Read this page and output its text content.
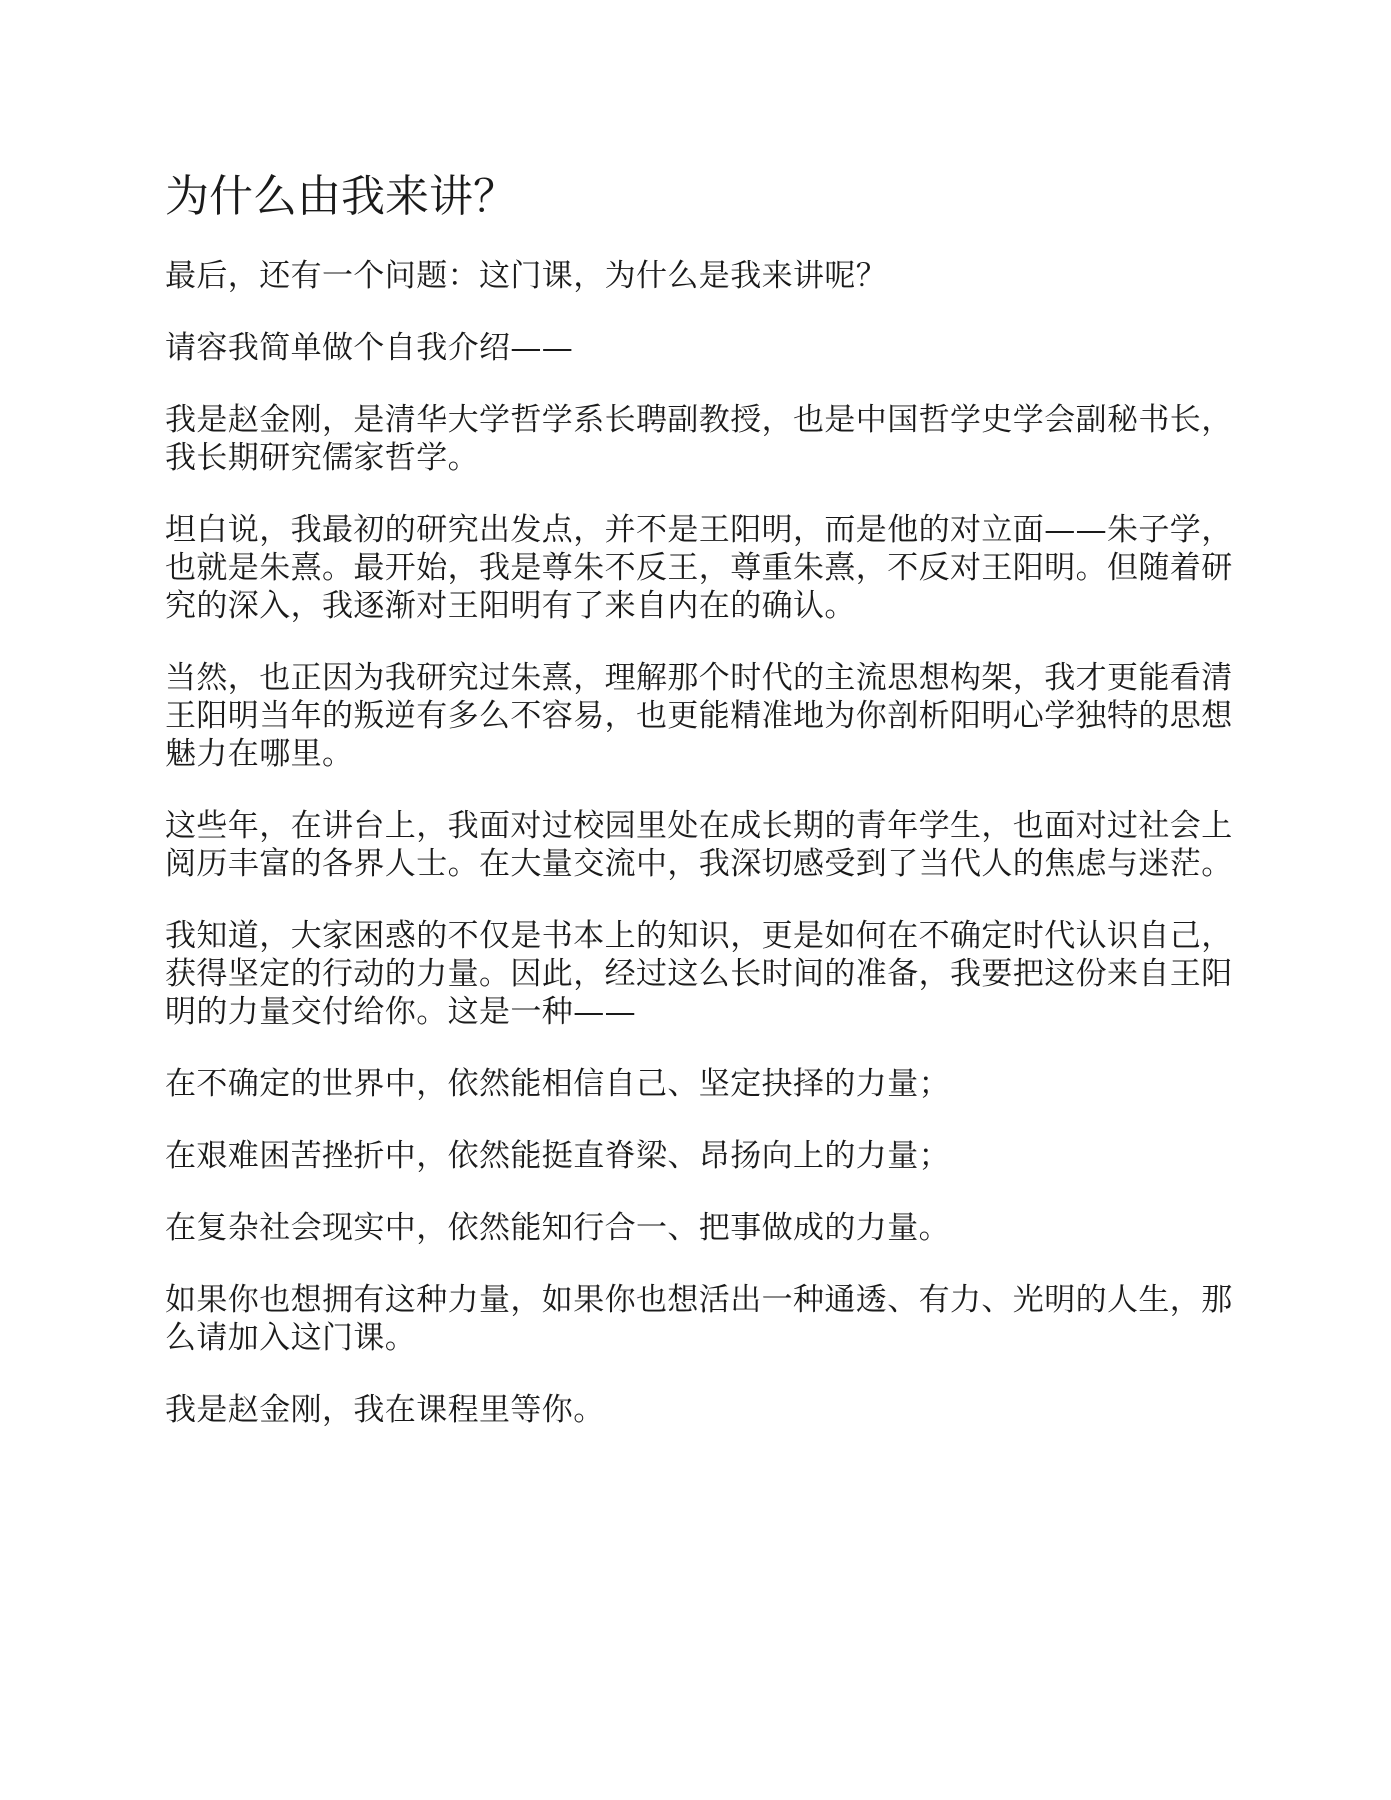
为什么由我来讲？

最后，还有一个问题：这门课，为什么是我来讲呢？

请容我简单做个自我介绍——

我是赵金刚，是清华大学哲学系长聘副教授，也是中国哲学史学会副秘书长，我长期研究儒家哲学。

坦白说，我最初的研究出发点，并不是王阳明，而是他的对立面——朱子学，也就是朱熹。最开始，我是尊朱不反王，尊重朱熹，不反对王阳明。但随着研究的深入，我逐渐对王阳明有了来自内在的确认。

当然，也正因为我研究过朱熹，理解那个时代的主流思想构架，我才更能看清王阳明当年的叛逆有多么不容易，也更能精准地为你剖析阳明心学独特的思想魅力在哪里。

这些年，在讲台上，我面对过校园里处在成长期的青年学生，也面对过社会上阅历丰富的各界人士。在大量交流中，我深切感受到了当代人的焦虑与迷茫。

我知道，大家困惑的不仅是书本上的知识，更是如何在不确定时代认识自己，获得坚定的行动的力量。因此，经过这么长时间的准备，我要把这份来自王阳明的力量交付给你。这是一种——

在不确定的世界中，依然能相信自己、坚定抉择的力量；

在艰难困苦挫折中，依然能挺直脊梁、昂扬向上的力量；

在复杂社会现实中，依然能知行合一、把事做成的力量。

如果你也想拥有这种力量，如果你也想活出一种通透、有力、光明的人生，那么请加入这门课。

我是赵金刚，我在课程里等你。
